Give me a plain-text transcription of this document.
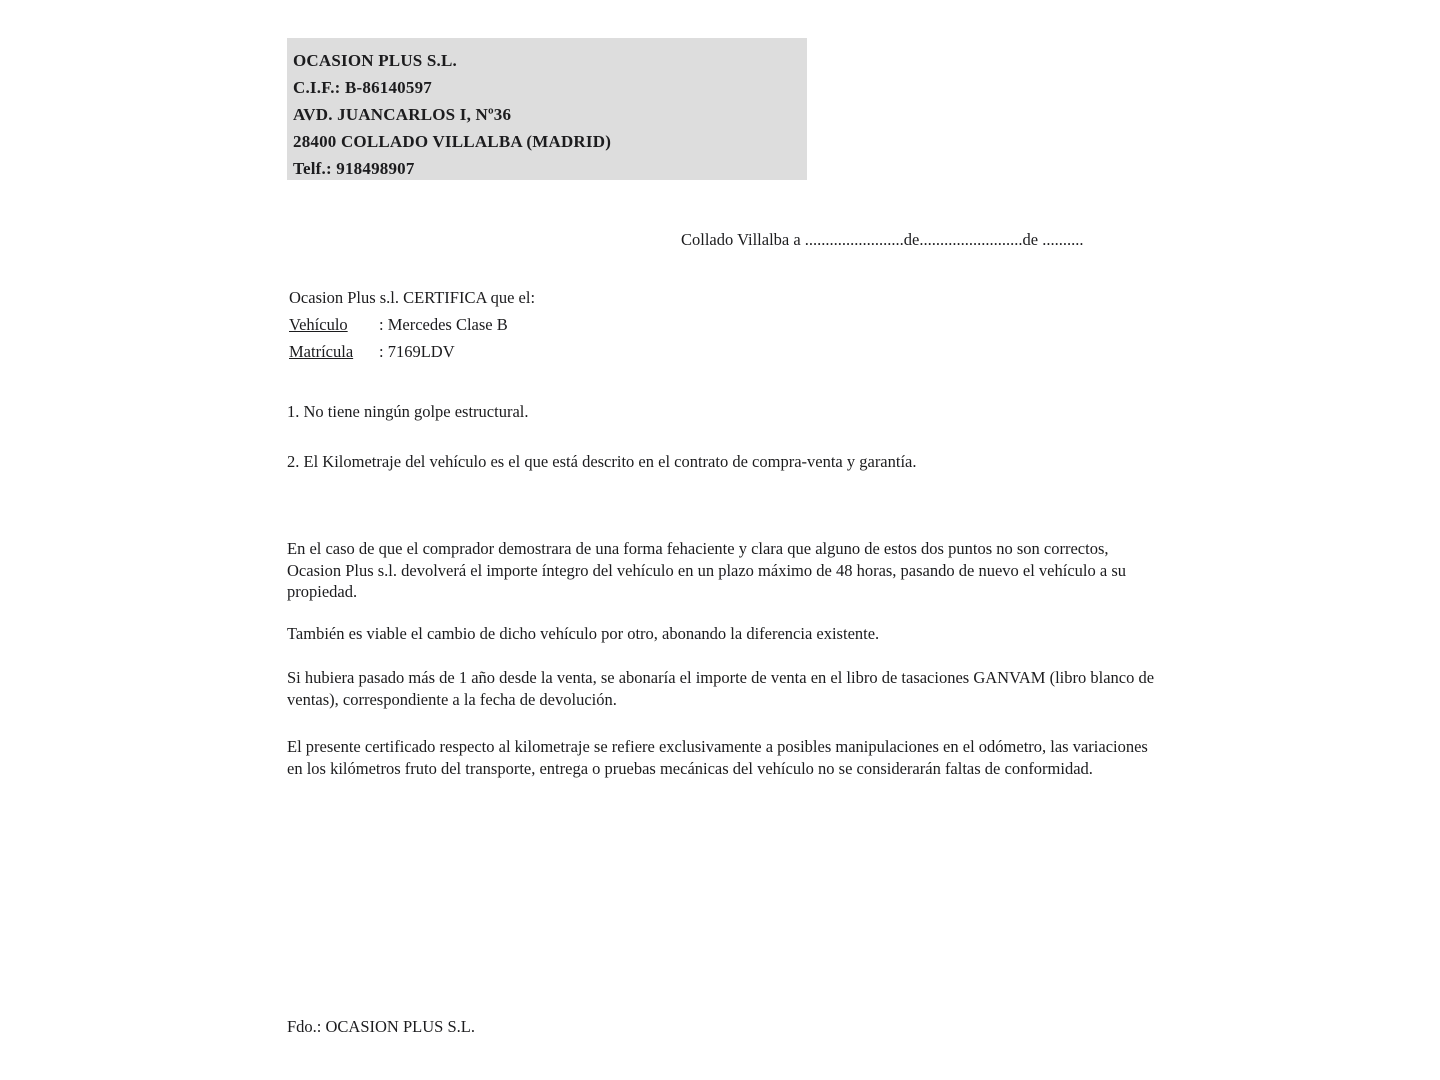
OCASION PLUS S.L.
C.I.F.: B-86140597
AVD. JUANCARLOS I, Nº36
28400 COLLADO VILLALBA (MADRID)
Telf.: 918498907
Collado Villalba a ........................de.........................de ..........
Ocasion Plus s.l. CERTIFICA que el:
Vehículo : Mercedes Clase B
Matrícula : 7169LDV
1. No tiene ningún golpe estructural.
2. El Kilometraje del vehículo es el que está descrito en el contrato de compra-venta y garantía.
En el caso de que el comprador demostrara de una forma fehaciente y clara que alguno de estos dos puntos no son correctos, Ocasion Plus s.l. devolverá el importe íntegro del vehículo en un plazo máximo de 48 horas, pasando de nuevo el vehículo a su propiedad.
También es viable el cambio de dicho vehículo por otro, abonando la diferencia existente.
Si hubiera pasado más de 1 año desde la venta, se abonaría el importe de venta en el libro de tasaciones GANVAM (libro blanco de ventas), correspondiente a la fecha de devolución.
El presente certificado respecto al kilometraje se refiere exclusivamente a posibles manipulaciones en el odómetro, las variaciones en los kilómetros fruto del transporte, entrega o pruebas mecánicas del vehículo no se considerarán faltas de conformidad.
Fdo.: OCASION PLUS S.L.
